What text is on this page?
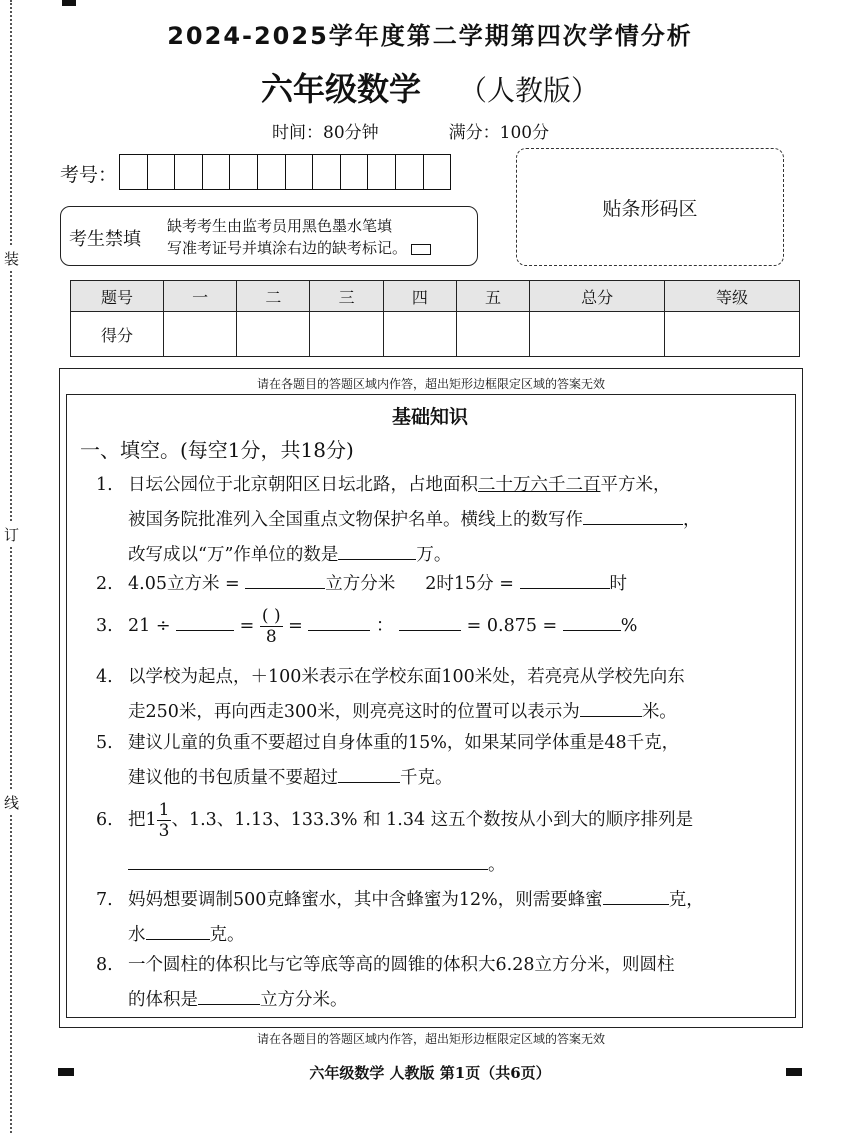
装
订
线
2024-2025学年度第二学期第四次学情分析
六年级数学 （人教版）
时间：80分钟	满分：100分
考号：
贴条形码区
考生禁填
缺考考生由监考员用黑色墨水笔填
写准考证号并填涂右边的缺考标记。
题号	一	二	三	四	五	总分	等级
得分							
请在各题目的答题区域内作答，超出矩形边框限定区域的答案无效
请在各题目的答题区域内作答，超出矩形边框限定区域的答案无效
基础知识
一、填空。(每空1分，共18分)
1. 日坛公园位于北京朝阳区日坛北路，占地面积二十万六千二百平方米，
被国务院批准列入全国重点文物保护名单。横线上的数写作	，
改写成以“万”作单位的数是	万。
2. 4.05立方米 =	立方分米 2时15分 =	时
3. 21 ÷	= $\frac{( )}{8}$ =	：	= 0.875 =	%
4. 以学校为起点，＋100米表示在学校东面100米处，若亮亮从学校先向东
走250米，再向西走300米，则亮亮这时的位置可以表示为	米。
5. 建议儿童的负重不要超过自身体重的15%，如果某同学体重是48千克，
建议他的书包质量不要超过	千克。
6. 把$1 \frac{1}{3}$ 、1.3、1.13、133.3% 和 1.34 这五个数按从小到大的顺序排列是
。
7. 妈妈想要调制500克蜂蜜水，其中含蜂蜜为12%，则需要蜂蜜	克，
水	克。
8. 一个圆柱的体积比与它等底等高的圆锥的体积大6.28立方分米，则圆柱
的体积是	立方分米。
六年级数学 人教版 第1页（共6页）
